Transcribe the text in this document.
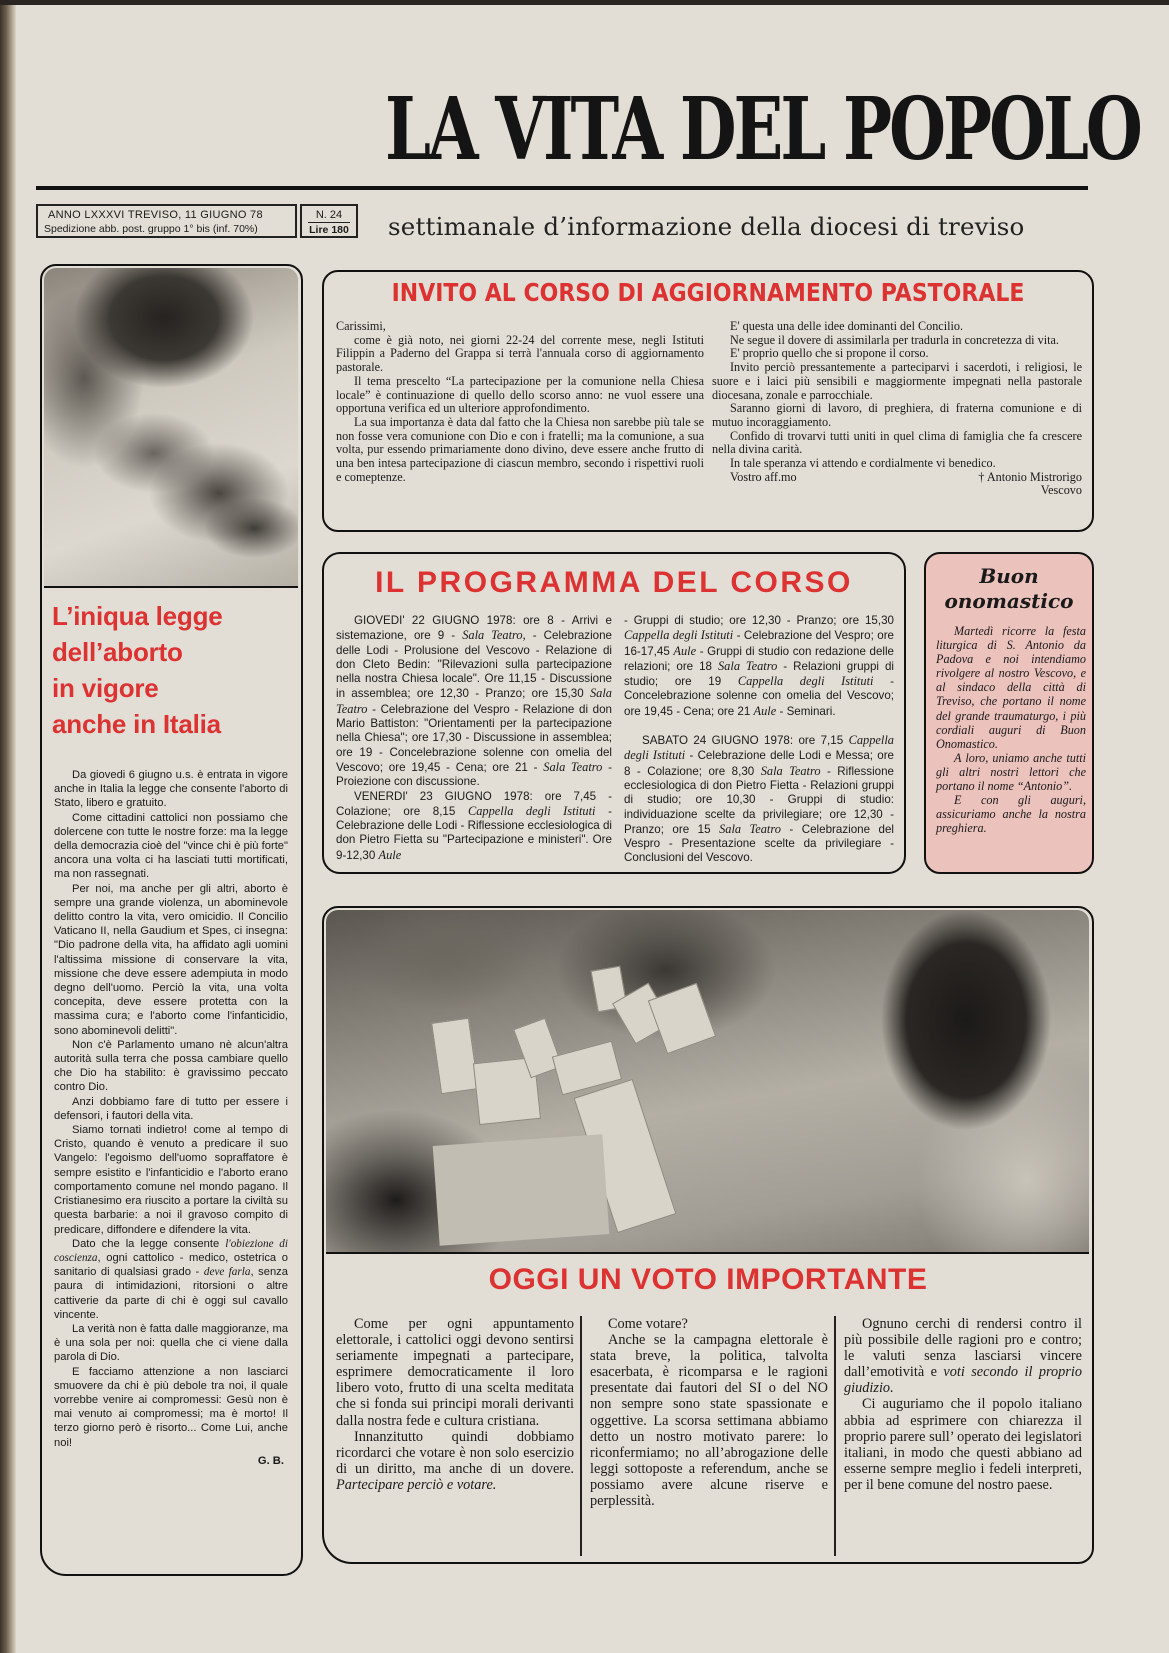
LA VITA DEL POPOLO
ANNO LXXXVI TREVISO, 11 GIUGNO 78
Spedizione abb. post. gruppo 1° bis (inf. 70%)
N. 24
Lire 180 settimanale d’informazione della diocesi di treviso
L’iniqua legge
dell’aborto
in vigore
anche in Italia

Da giovedi 6 giugno u.s. è entrata in vigore anche in Italia la legge che consente l'aborto di Stato, libero e gratuito.

Come cittadini cattolici non possiamo che dolercene con tutte le nostre forze: ma la legge della democrazia cioè del "vince chi è più forte" ancora una volta ci ha lasciati tutti mortificati, ma non rassegnati.

Per noi, ma anche per gli altri, aborto è sempre una grande violenza, un abominevole delitto contro la vita, vero omicidio. Il Concilio Vaticano II, nella Gaudium et Spes, ci insegna: "Dio padrone della vita, ha affidato agli uomini l'altissima missione di conservare la vita, missione che deve essere adempiuta in modo degno dell'uomo. Perciò la vita, una volta concepita, deve essere protetta con la massima cura; e l'aborto come l'infanticidio, sono abominevoli delitti".

Non c'è Parlamento umano nè alcun'altra autorità sulla terra che possa cambiare quello che Dio ha stabilito: è gravissimo peccato contro Dio.

Anzi dobbiamo fare di tutto per essere i defensori, i fautori della vita.

Siamo tornati indietro! come al tempo di Cristo, quando è venuto a predicare il suo Vangelo: l'egoismo dell'uomo sopraffatore è sempre esistito e l'infanticidio e l'aborto erano comportamento comune nel mondo pagano. Il Cristianesimo era riuscito a portare la civiltà su questa barbarie: a noi il gravoso compito di predicare, diffondere e difendere la vita.

Dato che la legge consente l'obiezione di coscienza, ogni cattolico - medico, ostetrica o sanitario di qualsiasi grado - deve farla, senza paura di intimidazioni, ritorsioni o altre cattiverie da parte di chi è oggi sul cavallo vincente.

La verità non è fatta dalle maggioranze, ma è una sola per noi: quella che ci viene dalla parola di Dio.

E facciamo attenzione a non lasciarci smuovere da chi è più debole tra noi, il quale vorrebbe venire ai compromessi: Gesù non è mai venuto ai compromessi; ma è morto! Il terzo giorno però è risorto... Come Lui, anche noi!

G. B.

INVITO AL CORSO DI AGGIORNAMENTO PASTORALE

Carissimi,

come è già noto, nei giorni 22-24 del corrente mese, negli Istituti Filippin a Paderno del Grappa si terrà l'annuala corso di aggiornamento pastorale.

Il tema prescelto “La partecipazione per la comunione nella Chiesa locale” è continuazione di quello dello scorso anno: ne vuol essere una opportuna verifica ed un ulteriore approfondimento.

La sua importanza è data dal fatto che la Chiesa non sarebbe più tale se non fosse vera comunione con Dio e con i fratelli; ma la comunione, a sua volta, pur essendo primariamente dono divino, deve essere anche frutto di una ben intesa partecipazione di ciascun membro, secondo i rispettivi ruoli e comeptenze.

E' questa una delle idee dominanti del Concilio.

Ne segue il dovere di assimilarla per tradurla in concretezza di vita.

E' proprio quello che si propone il corso.

Invito perciò pressantemente a parteciparvi i sacerdoti, i religiosi, le suore e i laici più sensibili e maggiormente impegnati nella pastorale diocesana, zonale e parrocchiale.

Saranno giorni di lavoro, di preghiera, di fraterna comunione e di mutuo incoraggiamento.

Confido di trovarvi tutti uniti in quel clima di famiglia che fa crescere nella divina carità.

In tale speranza vi attendo e cordialmente vi benedico.

Vostro aff.mo	† Antonio Mistrorigo

Vescovo

IL PROGRAMMA DEL CORSO

GIOVEDI' 22 GIUGNO 1978: ore 8 - Arrivi e sistemazione, ore 9 - Sala Teatro, - Celebrazione delle Lodi - Prolusione del Vescovo - Relazione di don Cleto Bedin: "Rilevazioni sulla partecipazione nella nostra Chiesa locale". Ore 11,15 - Discussione in assemblea; ore 12,30 - Pranzo; ore 15,30 Sala Teatro - Celebrazione del Vespro - Relazione di don Mario Battiston: "Orientamenti per la partecipazione nella Chiesa"; ore 17,30 - Discussione in assemblea; ore 19 - Concelebrazione solenne con omelia del Vescovo; ore 19,45 - Cena; ore 21 - Sala Teatro - Proiezione con discussione.

VENERDI' 23 GIUGNO 1978: ore 7,45 - Colazione; ore 8,15 Cappella degli Istituti - Celebrazione delle Lodi - Riflessione ecclesiologica di don Pietro Fietta su "Partecipazione e ministeri". Ore 9-12,30 Aule

- Gruppi di studio; ore 12,30 - Pranzo; ore 15,30 Cappella degli Istituti - Celebrazione del Vespro; ore 16-17,45 Aule - Gruppi di studio con redazione delle relazioni; ore 18 Sala Teatro - Relazioni gruppi di studio; ore 19 Cappella degli Istituti - Concelebrazione solenne con omelia del Vescovo; ore 19,45 - Cena; ore 21 Aule - Seminari.

SABATO 24 GIUGNO 1978: ore 7,15 Cappella degli Istituti - Celebrazione delle Lodi e Messa; ore 8 - Colazione; ore 8,30 Sala Teatro - Riflessione ecclesiologica di don Pietro Fietta - Relazioni gruppi di studio; ore 10,30 - Gruppi di studio: individuazione scelte da privilegiare; ore 12,30 - Pranzo; ore 15 Sala Teatro - Celebrazione del Vespro - Presentazione scelte da privilegiare - Conclusioni del Vescovo.

Buon
onomastico

Martedì ricorre la festa liturgica di S. Antonio da Padova e noi intendiamo rivolgere al nostro Vescovo, e al sindaco della città di Treviso, che portano il nome del grande traumaturgo, i più cordiali auguri di Buon Onomastico.

A loro, uniamo anche tutti gli altri nostri lettori che portano il nome “Antonio”.

E con gli auguri, assicuriamo anche la nostra preghiera.

OGGI UN VOTO IMPORTANTE

Come per ogni appuntamento elettorale, i cattolici oggi devono sentirsi seriamente impegnati a partecipare, esprimere democraticamente il loro libero voto, frutto di una scelta meditata che si fonda sui principi morali derivanti dalla nostra fede e cultura cristiana.

Innanzitutto quindi dobbiamo ricordarci che votare è non solo esercizio di un diritto, ma anche di un dovere. Partecipare perciò e votare.

Come votare?

Anche se la campagna elettorale è stata breve, la politica, talvolta esacerbata, è ricomparsa e le ragioni presentate dai fautori del SI o del NO non sempre sono state spassionate e oggettive. La scorsa settimana abbiamo detto un nostro motivato parere: lo riconfermiamo; no all’abrogazione delle leggi sottoposte a referendum, anche se possiamo avere alcune riserve e perplessità.

Ognuno cerchi di rendersi contro il più possibile delle ragioni pro e contro; le valuti senza lasciarsi vincere dall’emotività e voti secondo il proprio giudizio.

Ci auguriamo che il popolo italiano abbia ad esprimere con chiarezza il proprio parere sull’ operato dei legislatori italiani, in modo che questi abbiano ad esserne sempre meglio i fedeli interpreti, per il bene comune del nostro paese.
